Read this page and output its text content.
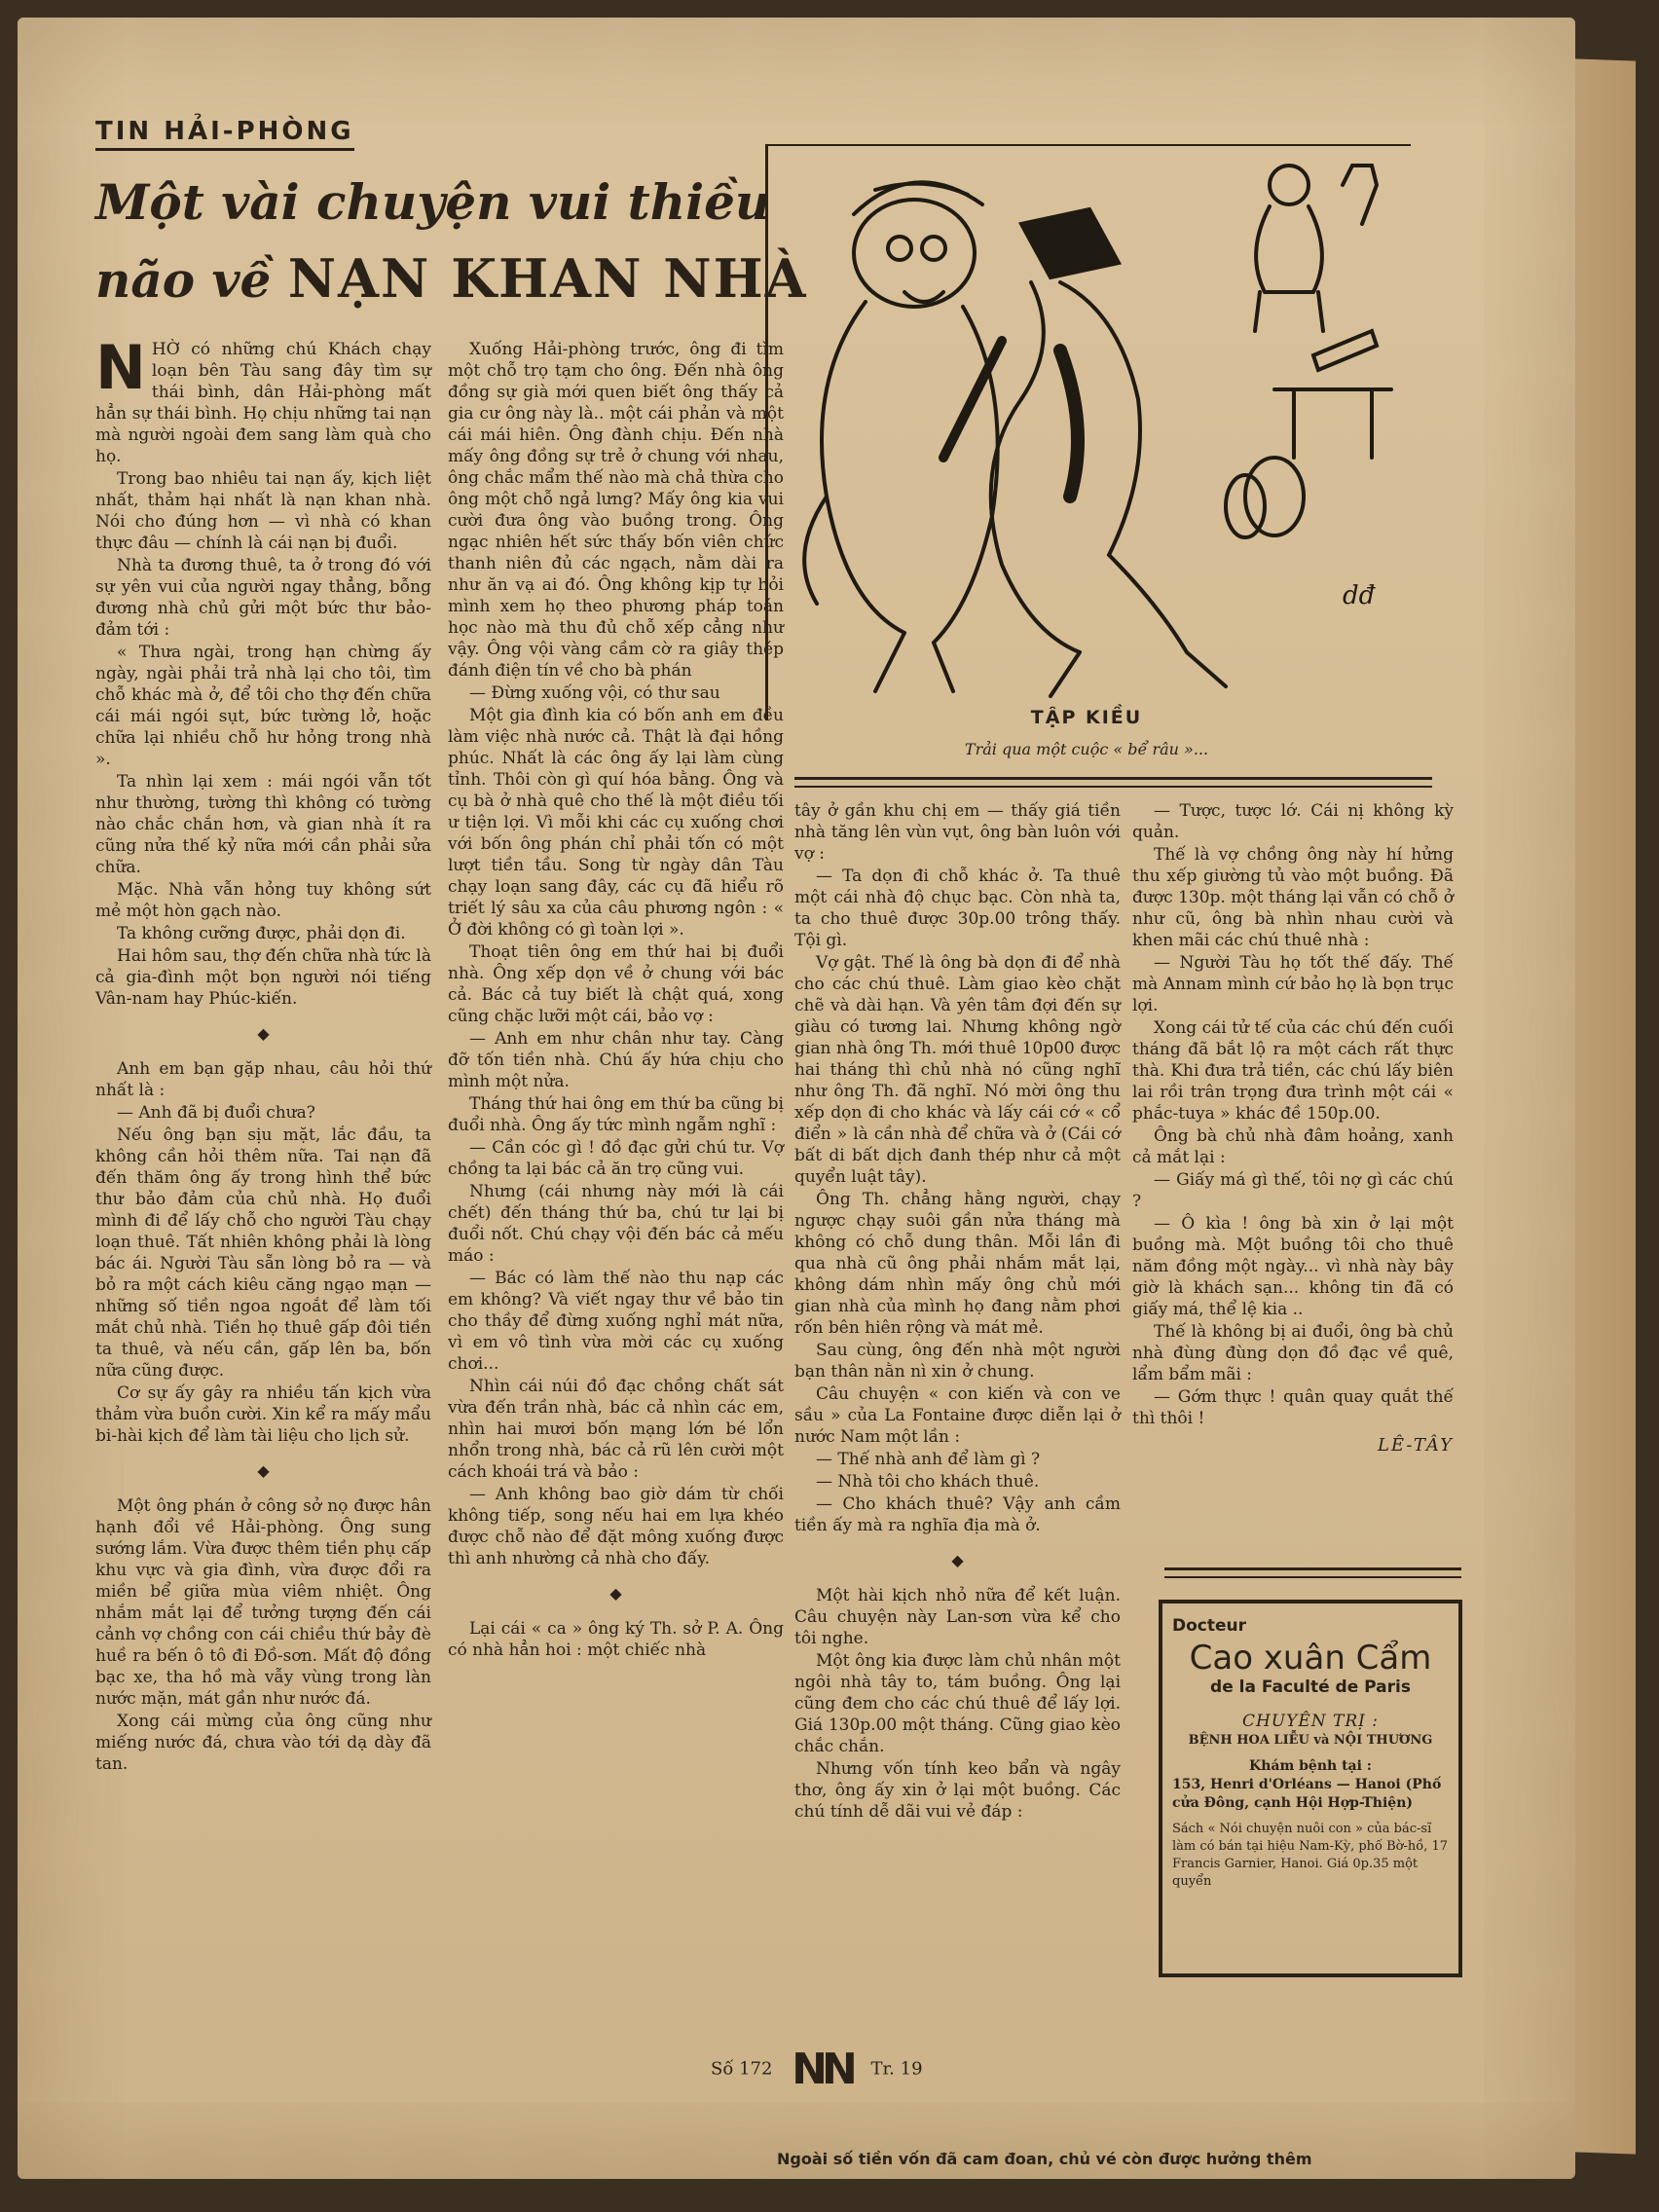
TIN HẢI-PHÒNG
Một vài chuyện vui thiều
não về NẠN KHAN NHÀ

NHỜ có những chú Khách chạy loạn bên Tàu sang đây tìm sự thái bình, dân Hải-phòng mất hẳn sự thái bình. Họ chịu những tai nạn mà người ngoài đem sang làm quà cho họ.

Trong bao nhiêu tai nạn ấy, kịch liệt nhất, thảm hại nhất là nạn khan nhà. Nói cho đúng hơn — vì nhà có khan thực đâu — chính là cái nạn bị đuổi.

Nhà ta đương thuê, ta ở trong đó với sự yên vui của người ngay thẳng, bỗng đương nhà chủ gửi một bức thư bảo-đảm tới :

« Thưa ngài, trong hạn chừng ấy ngày, ngài phải trả nhà lại cho tôi, tìm chỗ khác mà ở, để tôi cho thợ đến chữa cái mái ngói sụt, bức tường lở, hoặc chữa lại nhiều chỗ hư hỏng trong nhà ».

Ta nhìn lại xem : mái ngói vẫn tốt như thường, tường thì không có tường nào chắc chắn hơn, và gian nhà ít ra cũng nửa thế kỷ nữa mới cần phải sửa chữa.

Mặc. Nhà vẫn hỏng tuy không sứt mẻ một hòn gạch nào.

Ta không cưỡng được, phải dọn đi.

Hai hôm sau, thợ đến chữa nhà tức là cả gia-đình một bọn người nói tiếng Vân-nam hay Phúc-kiến.

◆

Anh em bạn gặp nhau, câu hỏi thứ nhất là :

— Anh đã bị đuổi chưa?

Nếu ông bạn sịu mặt, lắc đầu, ta không cần hỏi thêm nữa. Tai nạn đã đến thăm ông ấy trong hình thể bức thư bảo đảm của chủ nhà. Họ đuổi mình đi để lấy chỗ cho người Tàu chạy loạn thuê. Tất nhiên không phải là lòng bác ái. Người Tàu sẵn lòng bỏ ra — và bỏ ra một cách kiêu căng ngạo mạn — những số tiền ngoa ngoắt để làm tối mắt chủ nhà. Tiền họ thuê gấp đôi tiền ta thuê, và nếu cần, gấp lên ba, bốn nữa cũng được.

Cơ sự ấy gây ra nhiều tấn kịch vừa thảm vừa buồn cười. Xin kể ra mấy mẩu bi-hài kịch để làm tài liệu cho lịch sử.

◆

Một ông phán ở công sở nọ được hân hạnh đổi về Hải-phòng. Ông sung sướng lắm. Vừa được thêm tiền phụ cấp khu vực và gia đình, vừa được đổi ra miền bể giữa mùa viêm nhiệt. Ông nhắm mắt lại để tưởng tượng đến cái cảnh vợ chồng con cái chiều thứ bảy đè huề ra bến ô tô đi Đồ-sơn. Mất độ đồng bạc xe, tha hồ mà vẫy vùng trong làn nước mặn, mát gần như nước đá.

Xong cái mừng của ông cũng như miếng nước đá, chưa vào tới dạ dày đã tan.

Xuống Hải-phòng trước, ông đi tìm một chỗ trọ tạm cho ông. Đến nhà ông đồng sự già mới quen biết ông thấy cả gia cư ông này là.. một cái phản và một cái mái hiên. Ông đành chịu. Đến nhà mấy ông đồng sự trẻ ở chung với nhau, ông chắc mẩm thế nào mà chả thừa cho ông một chỗ ngả lưng? Mấy ông kia vui cười đưa ông vào buồng trong. Ông ngạc nhiên hết sức thấy bốn viên chức thanh niên đủ các ngạch, nằm dài ra như ăn vạ ai đó. Ông không kịp tự hỏi mình xem họ theo phương pháp toán học nào mà thu đủ chỗ xếp cẳng như vậy. Ông vội vàng cầm cờ ra giây thép đánh điện tín về cho bà phán

— Đừng xuống vội, có thư sau

Một gia đình kia có bốn anh em đều làm việc nhà nước cả. Thật là đại hồng phúc. Nhất là các ông ấy lại làm cùng tỉnh. Thôi còn gì quí hóa bằng. Ông và cụ bà ở nhà quê cho thế là một điều tối ư tiện lợi. Vì mỗi khi các cụ xuống chơi với bốn ông phán chỉ phải tốn có một lượt tiền tầu. Song từ ngày dân Tàu chạy loạn sang đây, các cụ đã hiểu rõ triết lý sâu xa của câu phương ngôn : « Ở đời không có gì toàn lợi ».

Thoạt tiên ông em thứ hai bị đuổi nhà. Ông xếp dọn về ở chung với bác cả. Bác cả tuy biết là chật quá, xong cũng chặc lưỡi một cái, bảo vợ :

— Anh em như chân như tay. Càng đỡ tốn tiền nhà. Chú ấy hứa chịu cho mình một nửa.

Tháng thứ hai ông em thứ ba cũng bị đuổi nhà. Ông ấy tức mình ngẫm nghĩ :

— Cần cóc gì ! đồ đạc gửi chú tư. Vợ chồng ta lại bác cả ăn trọ cũng vui.

Nhưng (cái nhưng này mới là cái chết) đến tháng thứ ba, chú tư lại bị đuổi nốt. Chú chạy vội đến bác cả mếu máo :

— Bác có làm thế nào thu nạp các em không? Và viết ngay thư về bảo tin cho thầy để đừng xuống nghỉ mát nữa, vì em vô tình vừa mời các cụ xuống chơi...

Nhìn cái núi đồ đạc chồng chất sát vừa đến trần nhà, bác cả nhìn các em, nhìn hai mươi bốn mạng lớn bé lổn nhổn trong nhà, bác cả rũ lên cười một cách khoái trá và bảo :

— Anh không bao giờ dám từ chối không tiếp, song nếu hai em lựa khéo được chỗ nào để đặt mông xuống được thì anh nhường cả nhà cho đấy.

◆

Lại cái « ca » ông ký Th. sở P. A. Ông có nhà hẳn hoi : một chiếc nhà

dđ
TẬP KIỀU
Trải qua một cuộc « bể râu »...

tây ở gần khu chị em — thấy giá tiền nhà tăng lên vùn vụt, ông bàn luôn với vợ :

— Ta dọn đi chỗ khác ở. Ta thuê một cái nhà độ chục bạc. Còn nhà ta, ta cho thuê được 30p.00 trông thấy. Tội gì.

Vợ gật. Thế là ông bà dọn đi để nhà cho các chú thuê. Làm giao kèo chặt chẽ và dài hạn. Và yên tâm đợi đến sự giàu có tương lai. Nhưng không ngờ gian nhà ông Th. mới thuê 10p00 được hai tháng thì chủ nhà nó cũng nghĩ như ông Th. đã nghĩ. Nó mời ông thu xếp dọn đi cho khác và lấy cái cớ « cổ điển » là cần nhà để chữa và ở (Cái cớ bất di bất dịch đanh thép như cả một quyển luật tây).

Ông Th. chẳng hằng người, chạy ngược chạy suôi gần nửa tháng mà không có chỗ dung thân. Mỗi lần đi qua nhà cũ ông phải nhắm mắt lại, không dám nhìn mấy ông chủ mới gian nhà của mình họ đang nằm phơi rốn bên hiên rộng và mát mẻ.

Sau cùng, ông đến nhà một người bạn thân nằn nì xin ở chung.

Câu chuyện « con kiến và con ve sầu » của La Fontaine được diễn lại ở nước Nam một lần :

— Thế nhà anh để làm gì ?

— Nhà tôi cho khách thuê.

— Cho khách thuê? Vậy anh cầm tiền ấy mà ra nghĩa địa mà ở.

◆

Một hài kịch nhỏ nữa để kết luận. Câu chuyện này Lan-sơn vừa kể cho tôi nghe.

Một ông kia được làm chủ nhân một ngôi nhà tây to, tám buồng. Ông lại cũng đem cho các chú thuê để lấy lợi. Giá 130p.00 một tháng. Cũng giao kèo chắc chắn.

Nhưng vốn tính keo bẩn và ngây thơ, ông ấy xin ở lại một buồng. Các chú tính dễ dãi vui vẻ đáp :

— Tược, tược lớ. Cái nị không kỳ quản.

Thế là vợ chồng ông này hí hửng thu xếp giường tủ vào một buồng. Đã được 130p. một tháng lại vẫn có chỗ ở như cũ, ông bà nhìn nhau cười và khen mãi các chú thuê nhà :

— Người Tàu họ tốt thế đấy. Thế mà Annam mình cứ bảo họ là bọn trục lợi.

Xong cái tử tế của các chú đến cuối tháng đã bắt lộ ra một cách rất thực thà. Khi đưa trả tiền, các chú lấy biên lai rồi trân trọng đưa trình một cái « phắc-tuya » khác đề 150p.00.

Ông bà chủ nhà đâm hoảng, xanh cả mắt lại :

— Giấy má gì thế, tôi nợ gì các chú ?

— Ô kìa ! ông bà xin ở lại một buồng mà. Một buồng tôi cho thuê năm đồng một ngày... vì nhà này bây giờ là khách sạn... không tin đã có giấy má, thể lệ kia ..

Thế là không bị ai đuổi, ông bà chủ nhà đùng đùng dọn đồ đạc về quê, lẩm bẩm mãi :

— Gớm thực ! quân quay quắt thế thì thôi !

LÊ-TÂY
Docteur
Cao xuân Cẩm
de la Faculté de Paris
CHUYÊN TRỊ :
BỆNH HOA LIỄU và NỘI THƯƠNG
Khám bệnh tại :
153, Henri d'Orléans — Hanoi (Phố cửa Đông, cạnh Hội Hợp-Thiện)
Sách « Nói chuyện nuôi con » của bác-sĩ làm có bán tại hiệu Nam-Kỳ, phố Bờ-hồ, 17 Francis Garnier, Hanoi. Giá 0p.35 một quyển
Số 172 NN Tr. 19
Ngoài số tiền vốn đã cam đoan, chủ vé còn được hưởng thêm
